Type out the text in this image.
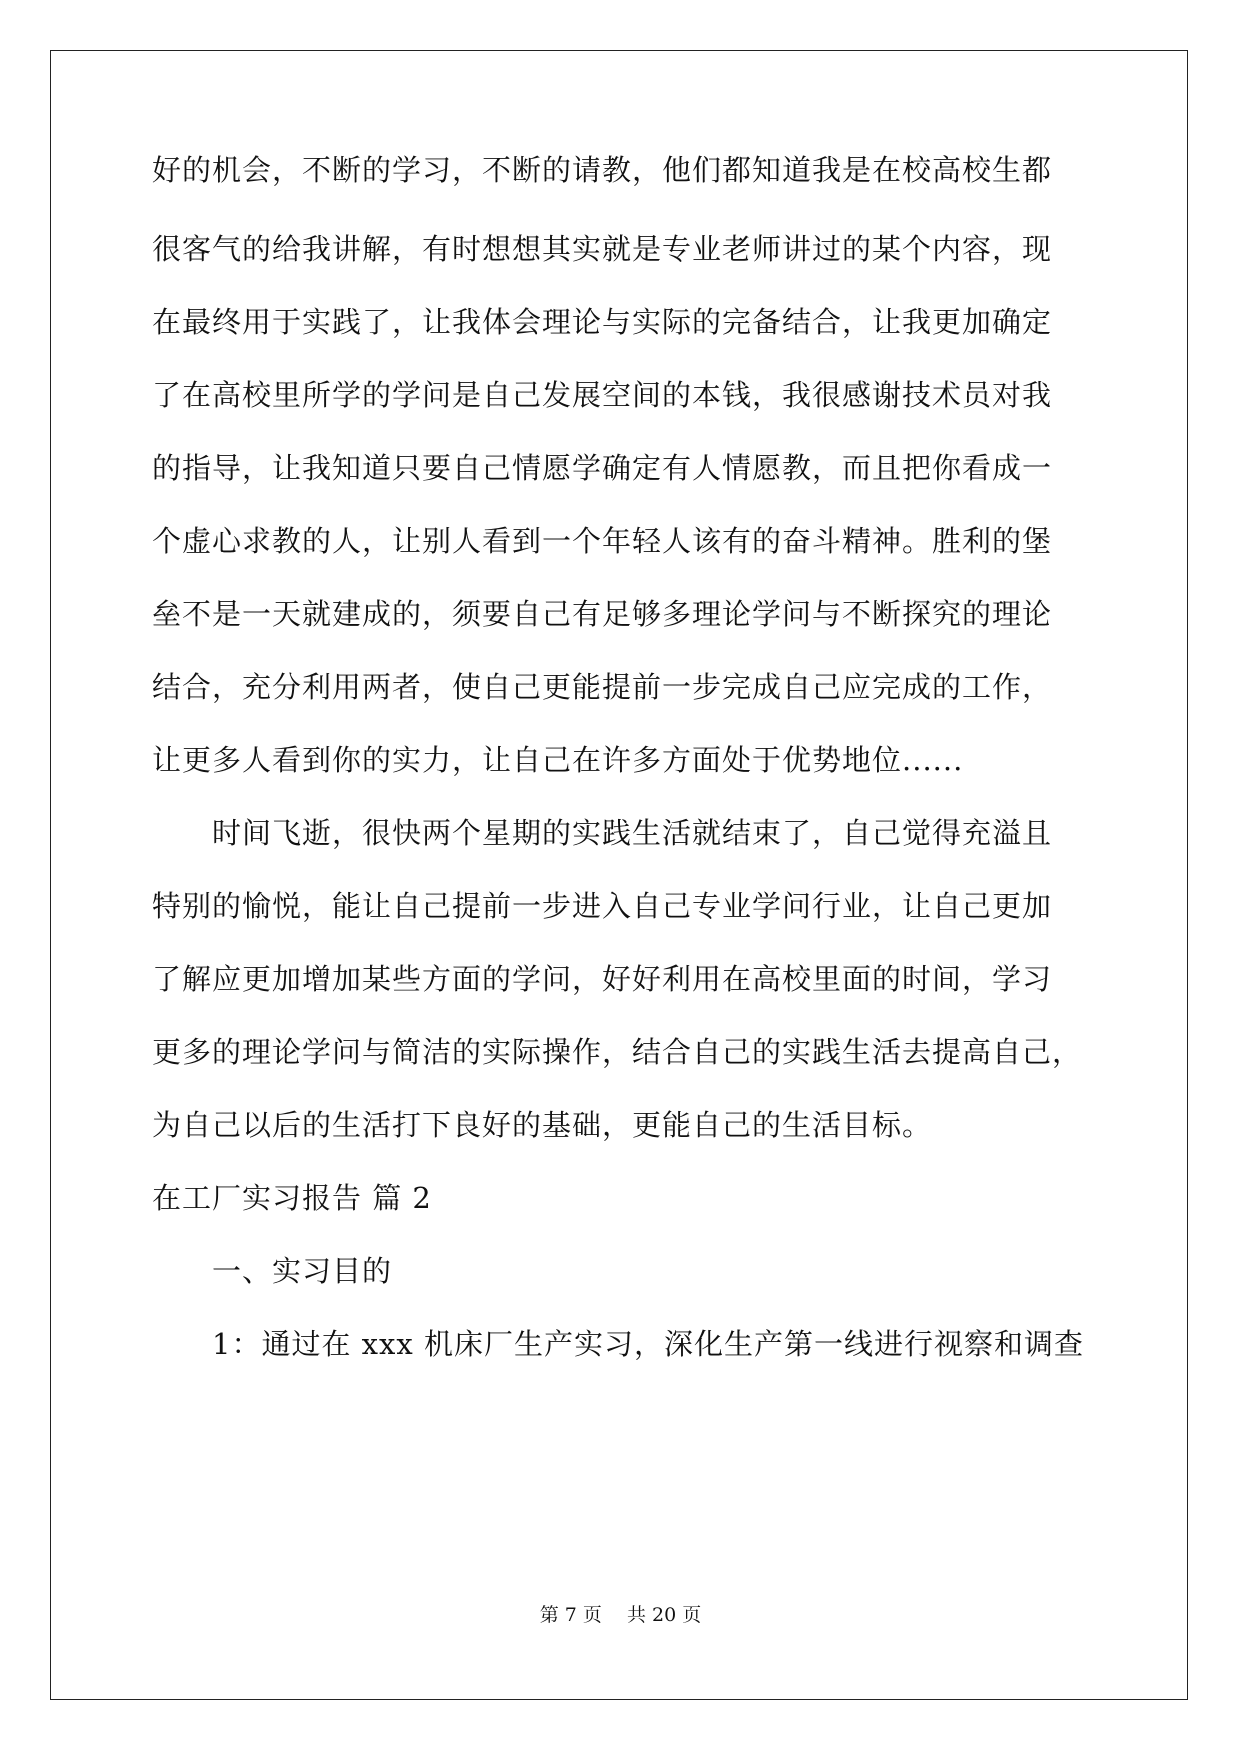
好的机会，不断的学习，不断的请教，他们都知道我是在校高校生都
很客气的给我讲解，有时想想其实就是专业老师讲过的某个内容，现
在最终用于实践了，让我体会理论与实际的完备结合，让我更加确定
了在高校里所学的学问是自己发展空间的本钱，我很感谢技术员对我
的指导，让我知道只要自己情愿学确定有人情愿教，而且把你看成一
个虚心求教的人，让别人看到一个年轻人该有的奋斗精神。胜利的堡
垒不是一天就建成的，须要自己有足够多理论学问与不断探究的理论
结合，充分利用两者，使自己更能提前一步完成自己应完成的工作，
让更多人看到你的实力，让自己在许多方面处于优势地位......
时间飞逝，很快两个星期的实践生活就结束了，自己觉得充溢且
特别的愉悦，能让自己提前一步进入自己专业学问行业，让自己更加
了解应更加增加某些方面的学问，好好利用在高校里面的时间，学习
更多的理论学问与简洁的实际操作，结合自己的实践生活去提高自己，
为自己以后的生活打下良好的基础，更能自己的生活目标。
在工厂实习报告 篇 2
一、实习目的
1：通过在 xxx 机床厂生产实习，深化生产第一线进行视察和调查
第 7 页　 共 20 页
